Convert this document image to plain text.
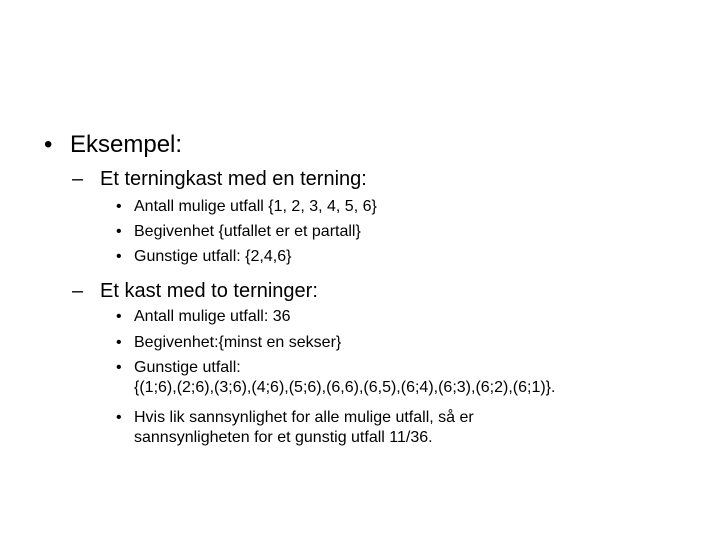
• Eksempel:
– Et terningkast med en terning:
• Antall mulige utfall {1, 2, 3, 4, 5, 6}
• Begivenhet {utfallet er et partall}
• Gunstige utfall: {2,4,6}
– Et kast med to terninger:
• Antall mulige utfall: 36
• Begivenhet:{minst en sekser}
• Gunstige utfall:
{(1;6),(2;6),(3;6),(4;6),(5;6),(6,6),(6,5),(6;4),(6;3),(6;2),(6;1)}.
• Hvis lik sannsynlighet for alle mulige utfall, så er
sannsynligheten for et gunstig utfall 11/36.
